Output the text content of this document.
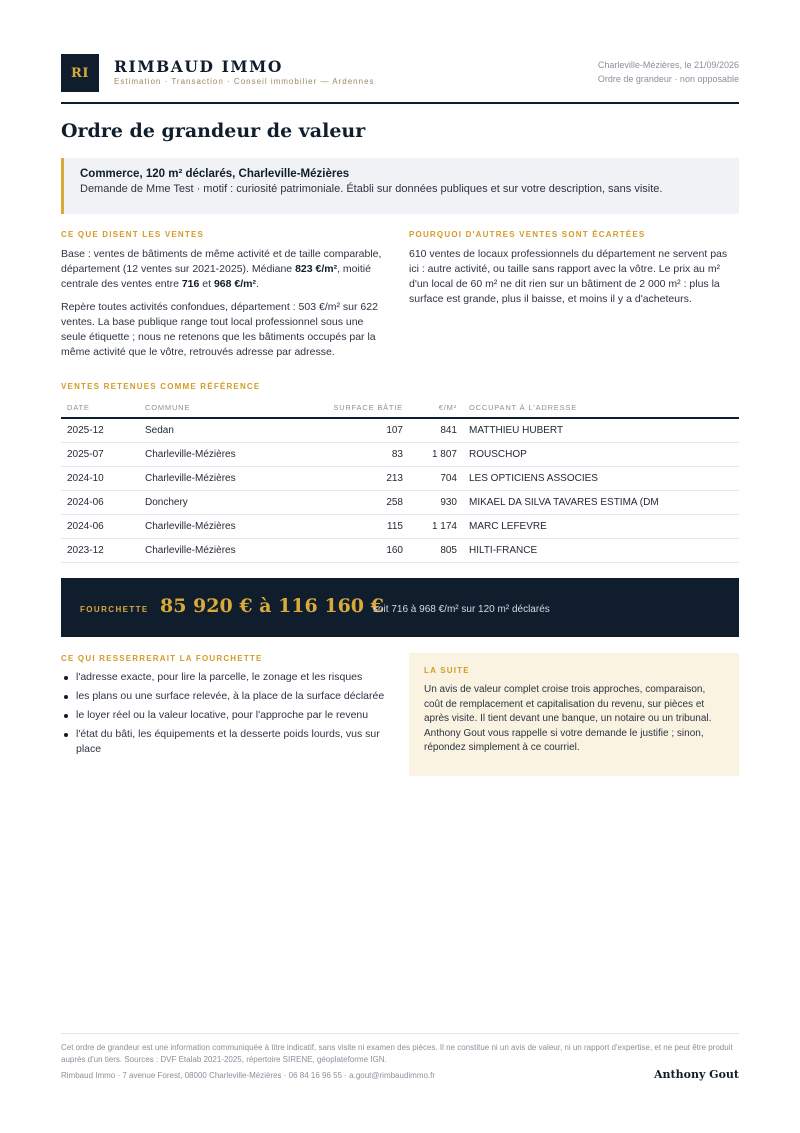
RI	RIMBAUD IMMO
Estimation · Transaction · Conseil immobilier — Ardennes
Charleville-Mézières, le 21/09/2026
Ordre de grandeur · non opposable
Ordre de grandeur de valeur
Commerce, 120 m² déclarés, Charleville-Mézières
Demande de Mme Test · motif : curiosité patrimoniale. Établi sur données publiques et sur votre description, sans visite.
CE QUE DISENT LES VENTES

Base : ventes de bâtiments de même activité et de taille comparable, département (12 ventes sur 2021-2025). Médiane 823 €/m², moitié centrale des ventes entre 716 et 968 €/m².

Repère toutes activités confondues, département : 503 €/m² sur 622 ventes. La base publique range tout local professionnel sous une seule étiquette ; nous ne retenons que les bâtiments occupés par la même activité que le vôtre, retrouvés adresse par adresse.

POURQUOI D'AUTRES VENTES SONT ÉCARTÉES

610 ventes de locaux professionnels du département ne servent pas ici : autre activité, ou taille sans rapport avec la vôtre. Le prix au m² d'un local de 60 m² ne dit rien sur un bâtiment de 2 000 m² : plus la surface est grande, plus il baisse, et moins il y a d'acheteurs.

VENTES RETENUES COMME RÉFÉRENCE
DATE	COMMUNE	SURFACE BÂTIE	€/M²	OCCUPANT À L'ADRESSE
2025-12	Sedan	107	841	MATTHIEU HUBERT
2025-07	Charleville-Mézières	83	1 807	ROUSCHOP
2024-10	Charleville-Mézières	213	704	LES OPTICIENS ASSOCIES
2024-06	Donchery	258	930	MIKAEL DA SILVA TAVARES ESTIMA (DM
2024-06	Charleville-Mézières	115	1 174	MARC LEFEVRE
2023-12	Charleville-Mézières	160	805	HILTI-FRANCE
FOURCHETTE 85 920 € à 116 160 €
soit 716 à 968 €/m² sur 120 m² déclarés
CE QUI RESSERRERAIT LA FOURCHETTE
l'adresse exacte, pour lire la parcelle, le zonage et les risques
les plans ou une surface relevée, à la place de la surface déclarée
le loyer réel ou la valeur locative, pour l'approche par le revenu
l'état du bâti, les équipements et la desserte poids lourds, vus sur place
LA SUITE

Un avis de valeur complet croise trois approches, comparaison, coût de remplacement et capitalisation du revenu, sur pièces et après visite. Il tient devant une banque, un notaire ou un tribunal. Anthony Gout vous rappelle si votre demande le justifie ; sinon, répondez simplement à ce courriel.

Cet ordre de grandeur est une information communiquée à titre indicatif, sans visite ni examen des pièces. Il ne constitue ni un avis de valeur, ni un rapport d'expertise, et ne peut être produit auprès d'un tiers. Sources : DVF Etalab 2021-2025, répertoire SIRENE, géoplateforme IGN.

Rimbaud Immo · 7 avenue Forest, 08000 Charleville-Mézières · 06 84 16 96 55 · a.gout@rimbaudimmo.fr	Anthony Gout
